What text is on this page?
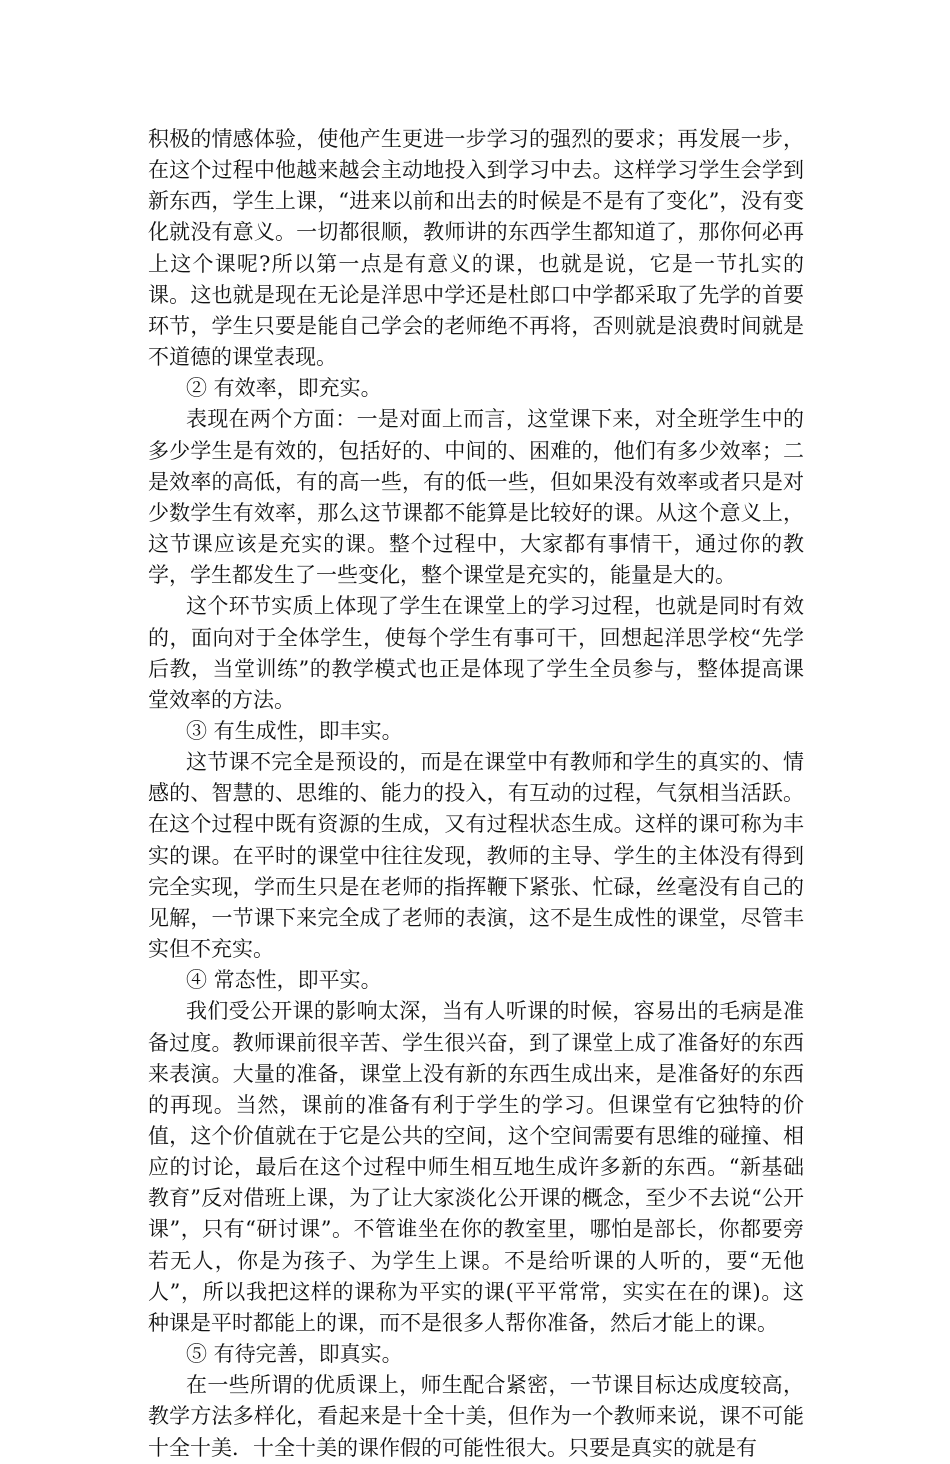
积极的情感体验，使他产生更进一步学习的强烈的要求；再发展一步，在这个过程中他越来越会主动地投入到学习中去。这样学习学生会学到新东西，学生上课，“进来以前和出去的时候是不是有了变化”，没有变化就没有意义。一切都很顺，教师讲的东西学生都知道了，那你何必再上这个课呢?所以第一点是有意义的课，也就是说，它是一节扎实的课。这也就是现在无论是洋思中学还是杜郎口中学都采取了先学的首要环节，学生只要是能自己学会的老师绝不再将，否则就是浪费时间就是不道德的课堂表现。

② 有效率，即充实。

表现在两个方面：一是对面上而言，这堂课下来，对全班学生中的多少学生是有效的，包括好的、中间的、困难的，他们有多少效率；二是效率的高低，有的高一些，有的低一些，但如果没有效率或者只是对少数学生有效率，那么这节课都不能算是比较好的课。从这个意义上，这节课应该是充实的课。整个过程中，大家都有事情干，通过你的教学，学生都发生了一些变化，整个课堂是充实的，能量是大的。

这个环节实质上体现了学生在课堂上的学习过程，也就是同时有效的，面向对于全体学生，使每个学生有事可干，回想起洋思学校“先学后教，当堂训练”的教学模式也正是体现了学生全员参与，整体提高课堂效率的方法。

③ 有生成性，即丰实。

这节课不完全是预设的，而是在课堂中有教师和学生的真实的、情感的、智慧的、思维的、能力的投入，有互动的过程，气氛相当活跃。在这个过程中既有资源的生成，又有过程状态生成。这样的课可称为丰实的课。在平时的课堂中往往发现，教师的主导、学生的主体没有得到完全实现，学而生只是在老师的指挥鞭下紧张、忙碌，丝毫没有自己的见解，一节课下来完全成了老师的表演，这不是生成性的课堂，尽管丰实但不充实。

④ 常态性，即平实。

我们受公开课的影响太深，当有人听课的时候，容易出的毛病是准备过度。教师课前很辛苦、学生很兴奋，到了课堂上成了准备好的东西来表演。大量的准备，课堂上没有新的东西生成出来，是准备好的东西的再现。当然，课前的准备有利于学生的学习。但课堂有它独特的价值，这个价值就在于它是公共的空间，这个空间需要有思维的碰撞、相应的讨论，最后在这个过程中师生相互地生成许多新的东西。“新基础教育”反对借班上课，为了让大家淡化公开课的概念，至少不去说“公开课”，只有“研讨课”。不管谁坐在你的教室里，哪怕是部长，你都要旁若无人，你是为孩子、为学生上课。不是给听课的人听的，要“无他人”，所以我把这样的课称为平实的课(平平常常，实实在在的课)。这种课是平时都能上的课，而不是很多人帮你准备，然后才能上的课。

⑤ 有待完善，即真实。

在一些所谓的优质课上，师生配合紧密，一节课目标达成度较高，教学方法多样化，看起来是十全十美，但作为一个教师来说，课不可能十全十美．十全十美的课作假的可能性很大。只要是真实的就是有
